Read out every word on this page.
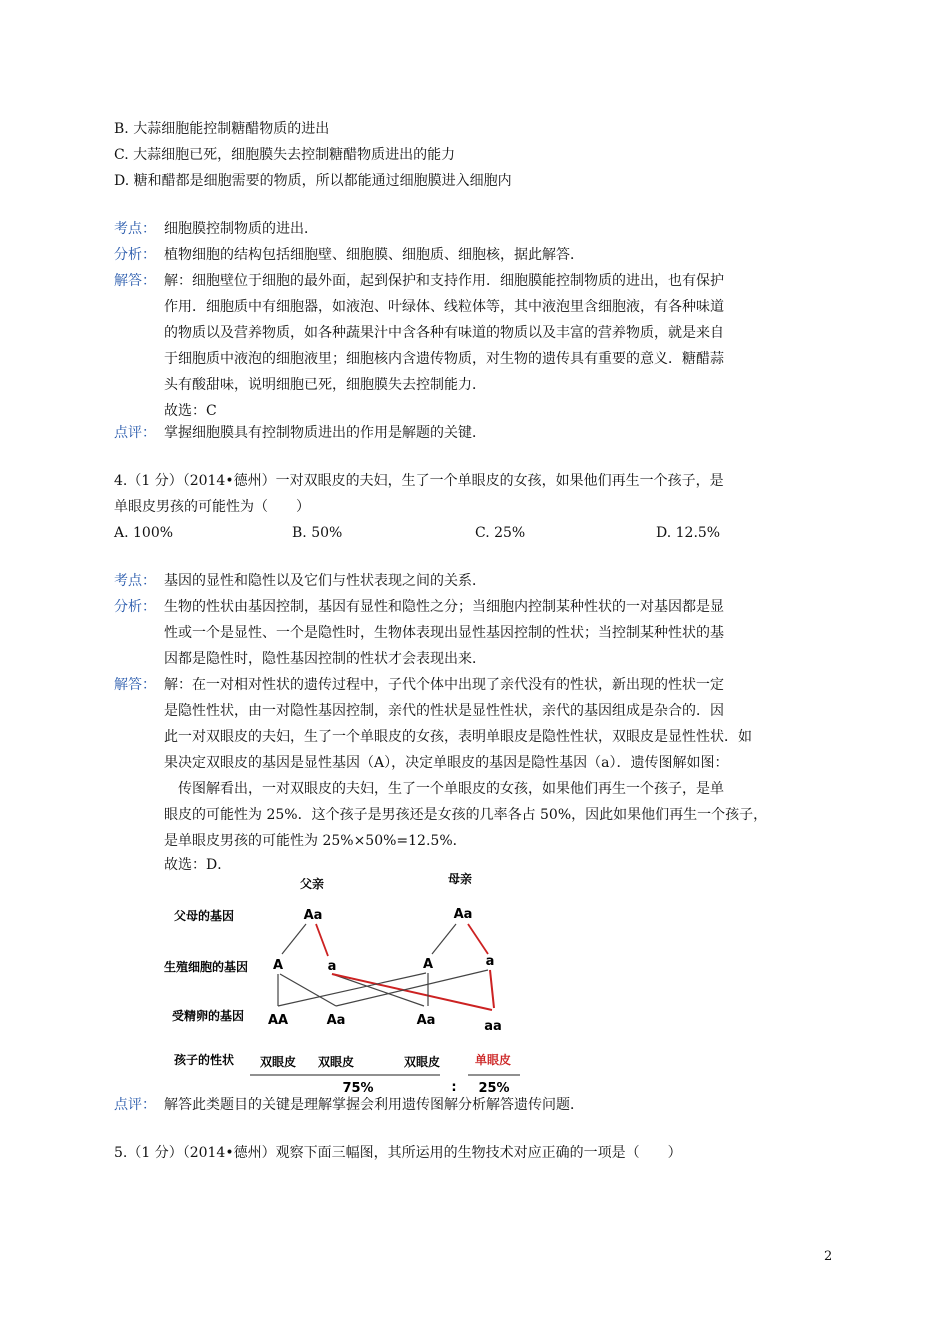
B. 大蒜细胞能控制糖醋物质的进出
C. 大蒜细胞已死，细胞膜失去控制糖醋物质进出的能力
D. 糖和醋都是细胞需要的物质，所以都能通过细胞膜进入细胞内
考点： 细胞膜控制物质的进出．
分析： 植物细胞的结构包括细胞壁、细胞膜、细胞质、细胞核，据此解答．
解答： 解：细胞壁位于细胞的最外面，起到保护和支持作用．细胞膜能控制物质的进出，也有保护
作用．细胞质中有细胞器，如液泡、叶绿体、线粒体等，其中液泡里含细胞液，有各种味道
的物质以及营养物质，如各种蔬果汁中含各种有味道的物质以及丰富的营养物质，就是来自
于细胞质中液泡的细胞液里；细胞核内含遗传物质，对生物的遗传具有重要的意义．糖醋蒜
头有酸甜味，说明细胞已死，细胞膜失去控制能力．
故选：C
点评： 掌握细胞膜具有控制物质进出的作用是解题的关键．
4.（1 分）（2014•德州）一对双眼皮的夫妇，生了一个单眼皮的女孩，如果他们再生一个孩子，是
单眼皮男孩的可能性为（　　）
A. 100%	B. 50%	C. 25%	D. 12.5%
考点： 基因的显性和隐性以及它们与性状表现之间的关系．
分析： 生物的性状由基因控制，基因有显性和隐性之分；当细胞内控制某种性状的一对基因都是显
性或一个是显性、一个是隐性时，生物体表现出显性基因控制的性状；当控制某种性状的基
因都是隐性时，隐性基因控制的性状才会表现出来．
解答： 解：在一对相对性状的遗传过程中，子代个体中出现了亲代没有的性状，新出现的性状一定
是隐性性状，由一对隐性基因控制，亲代的性状是显性性状，亲代的基因组成是杂合的．因
此一对双眼皮的夫妇，生了一个单眼皮的女孩，表明单眼皮是隐性性状，双眼皮是显性性状．如
果决定双眼皮的基因是显性基因（A），决定单眼皮的基因是隐性基因（a）．遗传图解如图：
　传图解看出，一对双眼皮的夫妇，生了一个单眼皮的女孩，如果他们再生一个孩子，是单
眼皮的可能性为 25%．这个孩子是男孩还是女孩的几率各占 50%，因此如果他们再生一个孩子，
是单眼皮男孩的可能性为 25%×50%=12.5%．
故选：D．
父亲	母亲
父母的基因
生殖细胞的基因
受精卵的基因
孩子的性状
Aa	Aa
A	a	A	a
AA	Aa	Aa	aa
双眼皮 双眼皮	双眼皮	单眼皮
75%	: 25%
点评： 解答此类题目的关键是理解掌握会利用遗传图解分析解答遗传问题．
5.（1 分）（2014•德州）观察下面三幅图，其所运用的生物技术对应正确的一项是（　　）
2
